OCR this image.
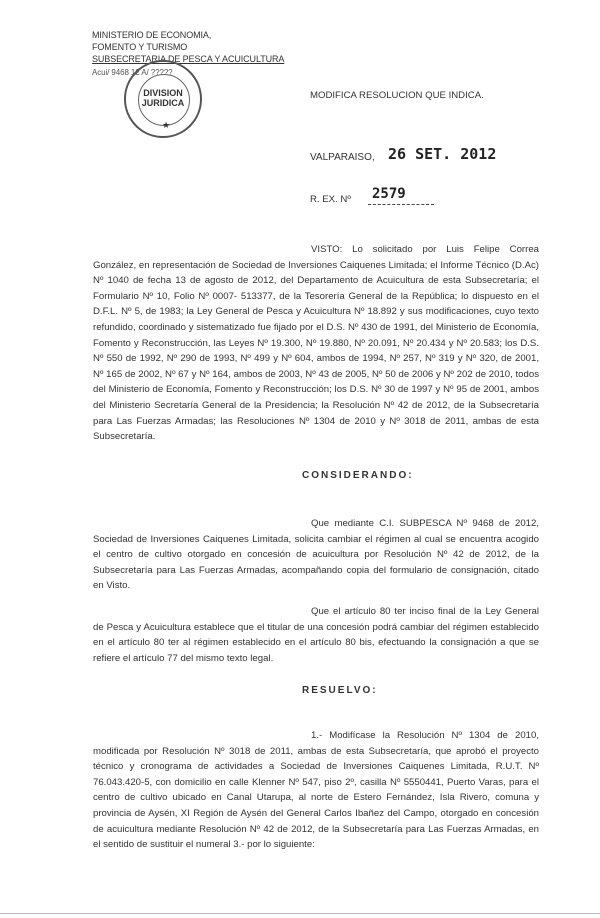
MINISTERIO DE ECONOMIA,
FOMENTO Y TURISMO
SUBSECRETARIA DE PESCA Y ACUICULTURA
Acui/ 9468 12 A/ ?????
DIVISION
JURIDICA
★
MODIFICA RESOLUCION QUE INDICA.
VALPARAISO, 26 SET. 2012
R. EX. Nº 2579
VISTO: Lo solicitado por Luis Felipe Correa González, en representación de Sociedad de Inversiones Caiquenes Limitada; el Informe Técnico (D.Ac) Nº 1040 de fecha 13 de agosto de 2012, del Departamento de Acuicultura de esta Subsecretaría; el Formulario Nº 10, Folio Nº 0007- 513377, de la Tesorería General de la República; lo dispuesto en el D.F.L. Nº 5, de 1983; la Ley General de Pesca y Acuicultura Nº 18.892 y sus modificaciones, cuyo texto refundido, coordinado y sistematizado fue fijado por el D.S. Nº 430 de 1991, del Ministerio de Economía, Fomento y Reconstrucción, las Leyes Nº 19.300, Nº 19.880, Nº 20.091, Nº 20.434 y Nº 20.583; los D.S. Nº 550 de 1992, Nº 290 de 1993, Nº 499 y Nº 604, ambos de 1994, Nº 257, Nº 319 y Nº 320, de 2001, Nº 165 de 2002, Nº 67 y Nº 164, ambos de 2003, Nº 43 de 2005, Nº 50 de 2006 y Nº 202 de 2010, todos del Ministerio de Economía, Fomento y Reconstrucción; los D.S. Nº 30 de 1997 y Nº 95 de 2001, ambos del Ministerio Secretaría General de la Presidencia; la Resolución Nº 42 de 2012, de la Subsecretaría para Las Fuerzas Armadas; las Resoluciones Nº 1304 de 2010 y Nº 3018 de 2011, ambas de esta Subsecretaría.
CONSIDERANDO:
Que mediante C.I. SUBPESCA Nº 9468 de 2012, Sociedad de Inversiones Caiquenes Limitada, solicita cambiar el régimen al cual se encuentra acogido el centro de cultivo otorgado en concesión de acuicultura por Resolución Nº 42 de 2012, de la Subsecretaría para Las Fuerzas Armadas, acompañando copia del formulario de consignación, citado en Visto.
Que el artículo 80 ter inciso final de la Ley General de Pesca y Acuicultura establece que el titular de una concesión podrá cambiar del régimen establecido en el artículo 80 ter al régimen establecido en el artículo 80 bis, efectuando la consignación a que se refiere el artículo 77 del mismo texto legal.
RESUELVO:
1.- Modifícase la Resolución Nº 1304 de 2010, modificada por Resolución Nº 3018 de 2011, ambas de esta Subsecretaría, que aprobó el proyecto técnico y cronograma de actividades a Sociedad de Inversiones Caiquenes Limitada, R.U.T. Nº 76.043.420-5, con domicilio en calle Klenner Nº 547, piso 2º, casilla Nº 5550441, Puerto Varas, para el centro de cultivo ubicado en Canal Utarupa, al norte de Estero Fernández, Isla Rivero, comuna y provincia de Aysén, XI Región de Aysén del General Carlos Ibañez del Campo, otorgado en concesión de acuicultura mediante Resolución Nº 42 de 2012, de la Subsecretaría para Las Fuerzas Armadas, en el sentido de sustituir el numeral 3.- por lo siguiente:
